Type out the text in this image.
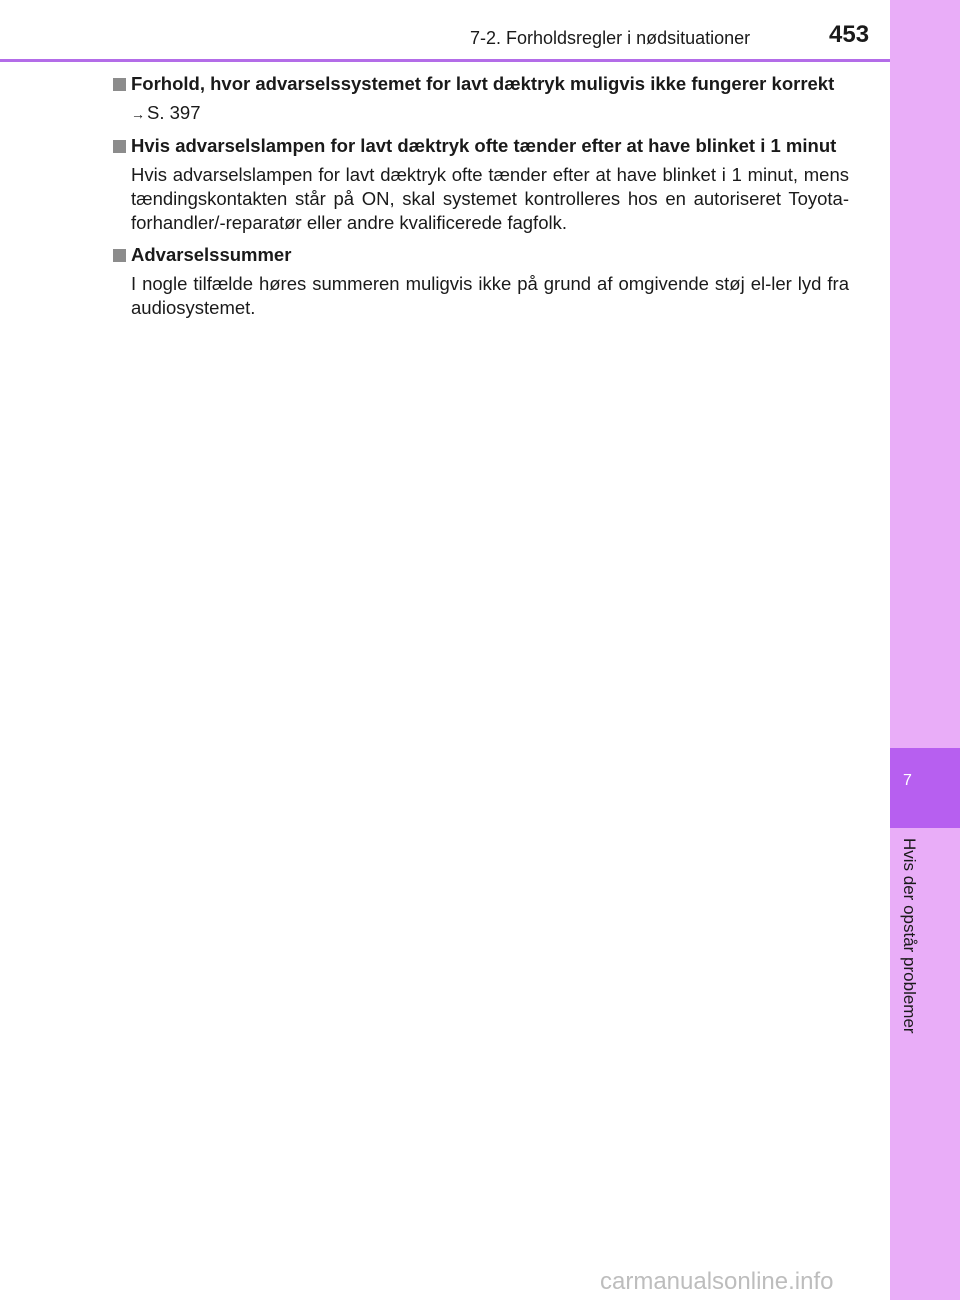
7
Hvis der opstår problemer
7-2. Forholdsregler i nødsituationer	453
Forhold, hvor advarselssystemet for lavt dæktryk muligvis ikke fungerer korrekt
→ S. 397
Hvis advarselslampen for lavt dæktryk ofte tænder efter at have blinket i 1 minut
Hvis advarselslampen for lavt dæktryk ofte tænder efter at have blinket i 1 minut, mens tændingskontakten står på ON, skal systemet kontrolleres hos en autoriseret Toyota-forhandler/-reparatør eller andre kvalificerede fagfolk.
Advarselssummer
I nogle tilfælde høres summeren muligvis ikke på grund af omgivende støj el-ler lyd fra audiosystemet.
carmanualsonline.info
